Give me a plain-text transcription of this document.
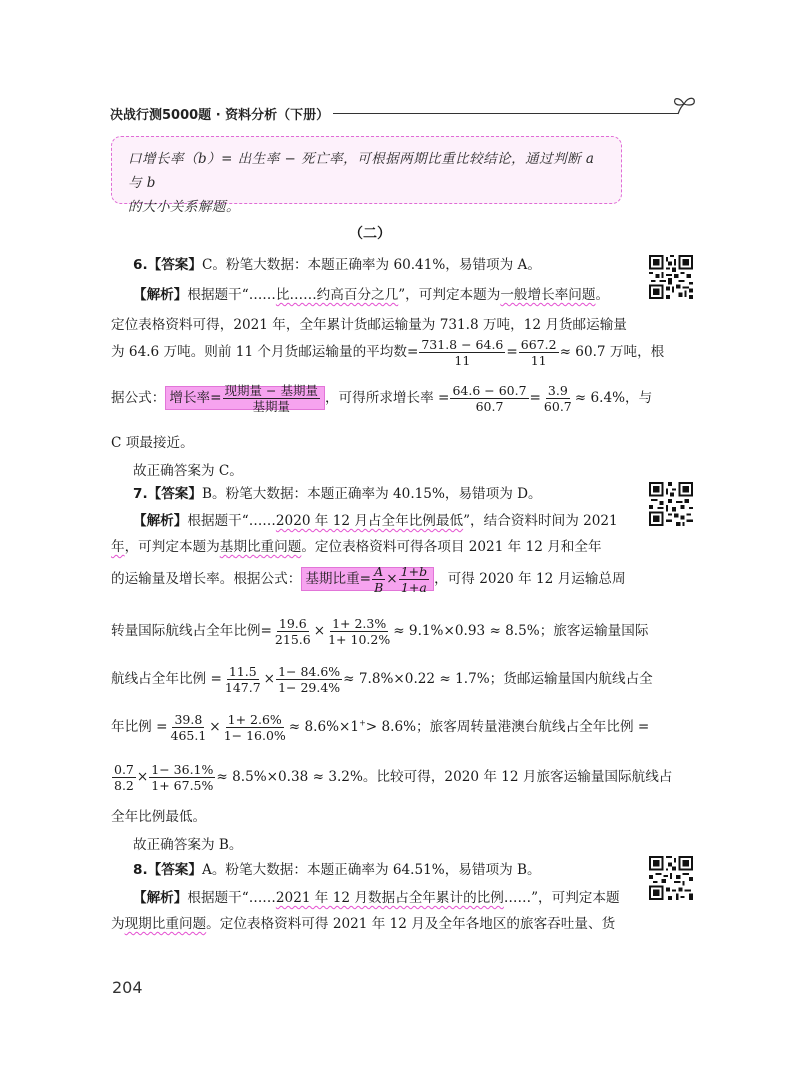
决战行测5000题 · 资料分析（下册）
口增长率（b）= 出生率 − 死亡率，可根据两期比重比较结论，通过判断 a 与 b
的大小关系解题。
（二）
6.【答案】C。粉笔大数据：本题正确率为 60.41%，易错项为 A。
【解析】根据题干“……比……约高百分之几”，可判定本题为一般增长率问题。
定位表格资料可得，2021 年，全年累计货邮运输量为 731.8 万吨，12 月货邮运输量
为 64.6 万吨。则前 11 个月货邮运输量的平均数= $\frac{731.8 - 64.6}{11} = \frac{667.2}{11} \approx 60.7$ 万吨，根
据公式： 增长率= $\frac{\text{现期量 − 基期量}}{\text{基期量}}$ ，可得所求增长率 = $\frac{64.6 - 60.7}{60.7} = \frac{3.9}{60.7} \approx 6.4\%$，与
C 项最接近。
故正确答案为 C。
7.【答案】B。粉笔大数据：本题正确率为 40.15%，易错项为 D。
【解析】根据题干“……2020 年 12 月占全年比例最低”，结合资料时间为 2021
年，可判定本题为基期比重问题。定位表格资料可得各项目 2021 年 12 月和全年
的运输量及增长率。根据公式： 基期比重= $\frac{A}{B} \times \frac{1+b}{1+a}$ ，可得 2020 年 12 月运输总周
转量国际航线占全年比例= $\frac{19.6}{215.6} \times \frac{1+ 2.3\%}{1+ 10.2\%} \approx 9.1\%\times 0.93 \approx 8.5\%$；旅客运输量国际
航线占全年比例 = $\frac{11.5}{147.7} \times \frac{1- 84.6\%}{1- 29.4\%} \approx 7.8\%\times 0.22 \approx 1.7\%$；货邮运输量国内航线占全
年比例 = $\frac{39.8}{465.1} \times \frac{1+ 2.6\%}{1- 16.0\%} \approx 8.6\%\times 1^+> 8.6\%$；旅客周转量港澳台航线占全年比例 =
$\frac{0.7}{8.2} \times \frac{1- 36.1\%}{1+ 67.5\%} \approx 8.5\%\times 0.38 \approx 3.2\%$。比较可得，2020 年 12 月旅客运输量国际航线占
全年比例最低。
故正确答案为 B。
8.【答案】A。粉笔大数据：本题正确率为 64.51%，易错项为 B。
【解析】根据题干“……2021 年 12 月数据占全年累计的比例……”，可判定本题
为现期比重问题。定位表格资料可得 2021 年 12 月及全年各地区的旅客吞吐量、货
204
